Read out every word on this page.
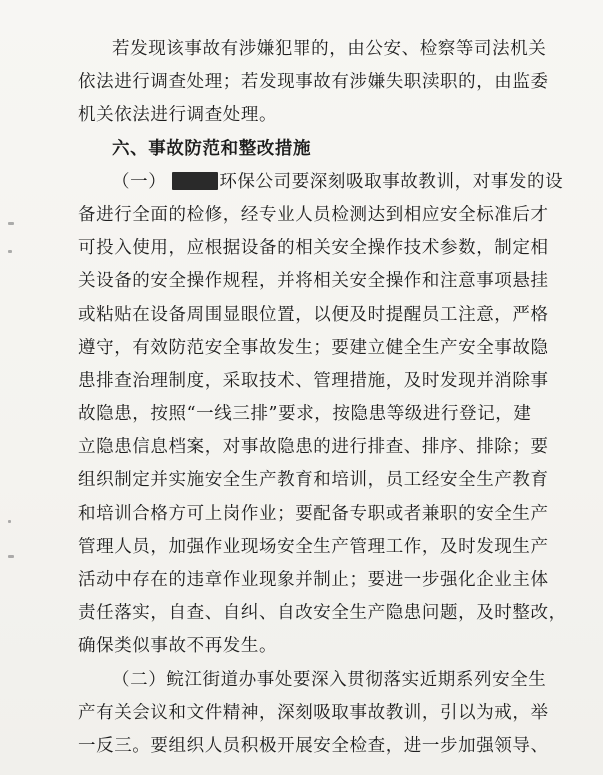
若发现该事故有涉嫌犯罪的，由公安、检察等司法机关
依法进行调查处理；若发现事故有涉嫌失职渎职的，由监委
机关依法进行调查处理。
六、事故防范和整改措施
（一）	环保公司要深刻吸取事故教训，对事发的设
备进行全面的检修，经专业人员检测达到相应安全标准后才
可投入使用，应根据设备的相关安全操作技术参数，制定相
关设备的安全操作规程，并将相关安全操作和注意事项悬挂
或粘贴在设备周围显眼位置，以便及时提醒员工注意，严格
遵守，有效防范安全事故发生；要建立健全生产安全事故隐
患排查治理制度，采取技术、管理措施，及时发现并消除事
故隐患，按照“一线三排”要求，按隐患等级进行登记，建
立隐患信息档案，对事故隐患的进行排查、排序、排除；要
组织制定并实施安全生产教育和培训，员工经安全生产教育
和培训合格方可上岗作业；要配备专职或者兼职的安全生产
管理人员，加强作业现场安全生产管理工作，及时发现生产
活动中存在的违章作业现象并制止；要进一步强化企业主体
责任落实，自查、自纠、自改安全生产隐患问题，及时整改，
确保类似事故不再发生。
（二）鲩江街道办事处要深入贯彻落实近期系列安全生
产有关会议和文件精神，深刻吸取事故教训，引以为戒，举
一反三。要组织人员积极开展安全检查，进一步加强领导、
